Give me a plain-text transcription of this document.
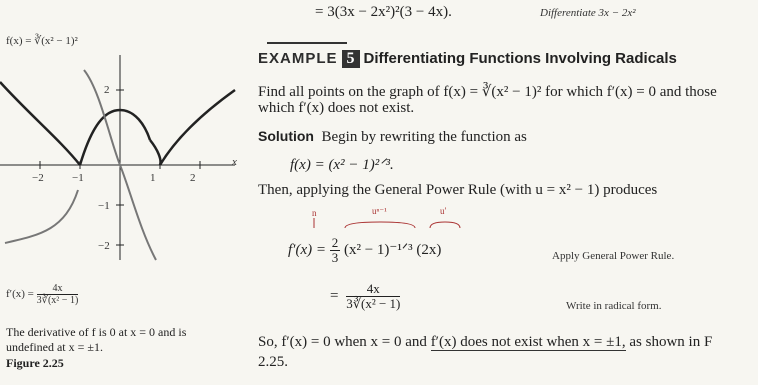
= 3(3x − 2x²)²(3 − 4x).	Differentiate 3x − 2x²
f(x) = ∛(x² − 1)²
2
−1
−2
−2	−1	1	2
x
$f'(x) = \frac{4x}{\text{3∛(x² − 1)}}$
The derivative of f is 0 at x = 0 and is
undefined at x = ±1.
Figure 2.25
EXAMPLE 5 Differentiating Functions Involving Radicals
Find all points on the graph of f(x) = ∛(x² − 1)² for which f′(x) = 0 and those
which f′(x) does not exist.
Solution Begin by rewriting the function as
f(x) = (x² − 1)²ᐟ³.
Then, applying the General Power Rule (with u = x² − 1) produces
n	uⁿ⁻¹	u′
$f'(x) = \frac{2}{3} (x^2$ − 1)⁻¹ᐟ³ (2x)	Apply General Power Rule.
= $\frac{4x}{\text{3∛(x² − 1)}}$	Write in radical form.
So, f′(x) = 0 when x = 0 and f′(x) does not exist when x = ±1, as shown in F
2.25.
